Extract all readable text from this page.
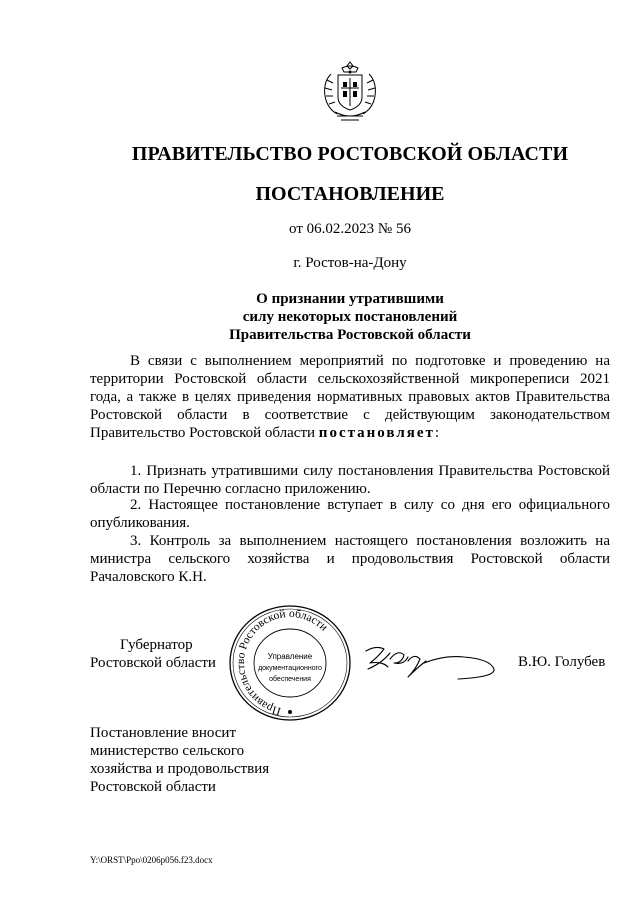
ПРАВИТЕЛЬСТВО РОСТОВСКОЙ ОБЛАСТИ
ПОСТАНОВЛЕНИЕ
от 06.02.2023 № 56
г. Ростов-на-Дону
О признании утратившими
силу некоторых постановлений
Правительства Ростовской области

В связи с выполнением мероприятий по подготовке и проведению на территории Ростовской области сельскохозяйственной микропереписи 2021 года, а также в целях приведения нормативных правовых актов Правительства Ростовской области в соответствие с действующим законодательством Правительство Ростовской области постановляет:

1. Признать утратившими силу постановления Правительства Ростовской области по Перечню согласно приложению.

2. Настоящее постановление вступает в силу со дня его официального опубликования.

3. Контроль за выполнением настоящего постановления возложить на министра сельского хозяйства и продовольствия Ростовской области Рачаловского К.Н.

Губернатор
Ростовской области
Правительство Ростовской области
Управление
документационного
обеспечения
В.Ю. Голубев
Постановление вносит
министерство сельского
хозяйства и продовольствия
Ростовской области
Y:\ORST\Ppo\0206p056.f23.docx
